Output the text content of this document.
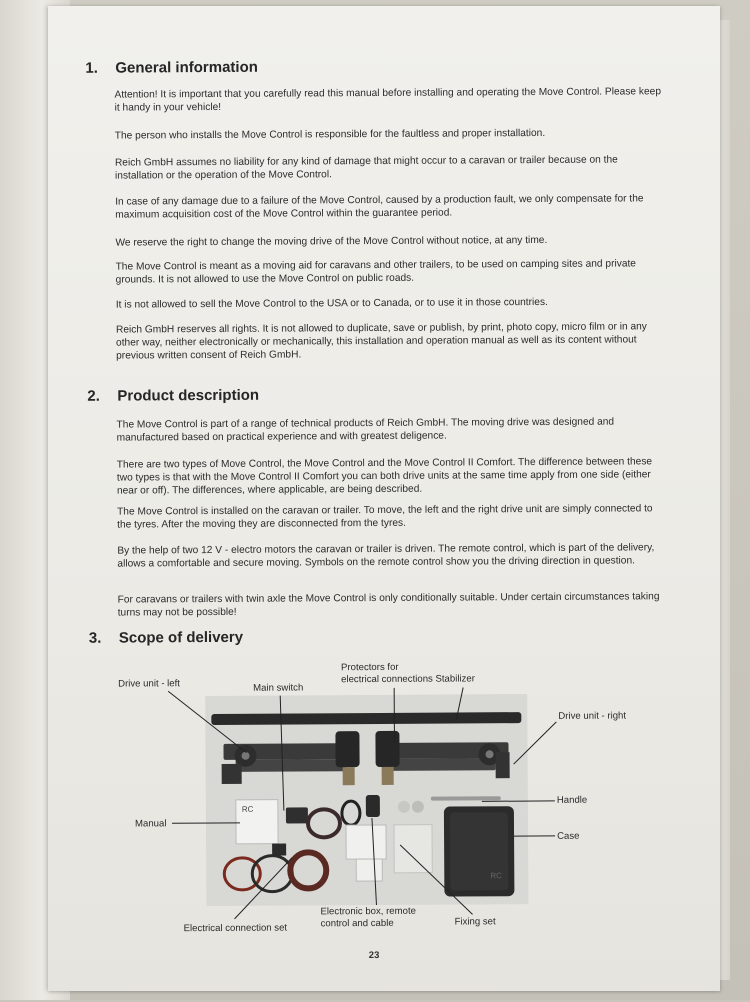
1. General information

Attention! It is important that you carefully read this manual before installing and operating the Move Control. Please keep it handy in your vehicle!

The person who installs the Move Control is responsible for the faultless and proper installation.

Reich GmbH assumes no liability for any kind of damage that might occur to a caravan or trailer because on the installation or the operation of the Move Control.

In case of any damage due to a failure of the Move Control, caused by a production fault, we only compensate for the maximum acquisition cost of the Move Control within the guarantee period.

We reserve the right to change the moving drive of the Move Control without notice, at any time.

The Move Control is meant as a moving aid for caravans and other trailers, to be used on camping sites and private grounds. It is not allowed to use the Move Control on public roads.

It is not allowed to sell the Move Control to the USA or to Canada, or to use it in those countries.

Reich GmbH reserves all rights. It is not allowed to duplicate, save or publish, by print, photo copy, micro film or in any other way, neither electronically or mechanically, this installation and operation manual as well as its content without previous written consent of Reich GmbH.

2. Product description

The Move Control is part of a range of technical products of Reich GmbH. The moving drive was designed and manufactured based on practical experience and with greatest deligence.

There are two types of Move Control, the Move Control and the Move Control II Comfort. The difference between these two types is that with the Move Control II Comfort you can both drive units at the same time apply from one side (either near or off). The differences, where applicable, are being described.

The Move Control is installed on the caravan or trailer. To move, the left and the right drive unit are simply connected to the tyres. After the moving they are disconnected from the tyres.

By the help of two 12 V - electro motors the caravan or trailer is driven. The remote control, which is part of the delivery, allows a comfortable and secure moving. Symbols on the remote control show you the driving direction in question.

For caravans or trailers with twin axle the Move Control is only conditionally suitable. Under certain circumstances taking turns may not be possible!

3. Scope of delivery
RC
RC
Drive unit - left	Main switch
Protectors for
electrical connections Stabilizer
Drive unit - right
Handle
Manual
Case
Electronic box, remote
control and cable	Fixing set
Electrical connection set
23
